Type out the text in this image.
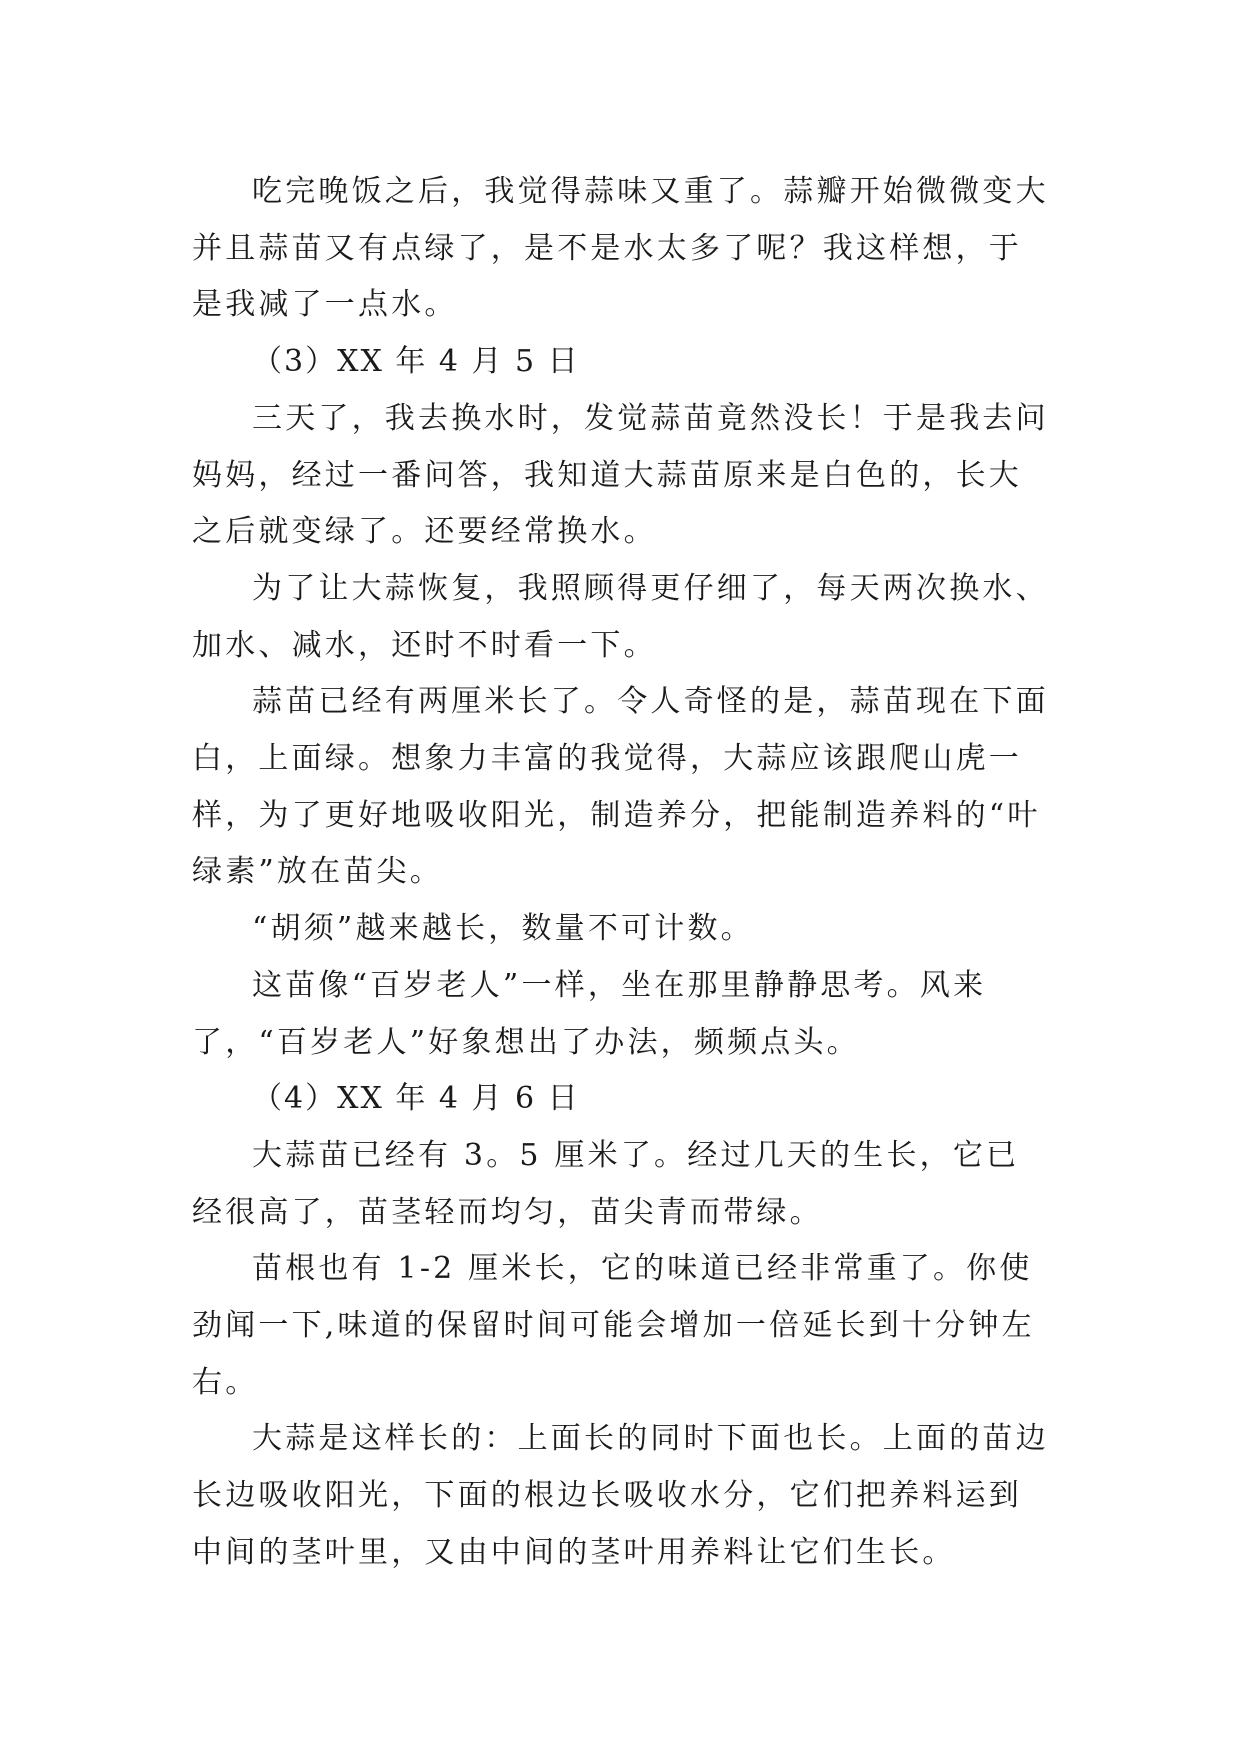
吃完晚饭之后，我觉得蒜味又重了。蒜瓣开始微微变大并且蒜苗又有点绿了，是不是水太多了呢？我这样想，于是我减了一点水。

（3）XX 年 4 月 5 日

三天了，我去换水时，发觉蒜苗竟然没长！于是我去问妈妈，经过一番问答，我知道大蒜苗原来是白色的，长大之后就变绿了。还要经常换水。

为了让大蒜恢复，我照顾得更仔细了，每天两次换水、加水、减水，还时不时看一下。

蒜苗已经有两厘米长了。令人奇怪的是，蒜苗现在下面白，上面绿。想象力丰富的我觉得，大蒜应该跟爬山虎一样，为了更好地吸收阳光，制造养分，把能制造养料的“叶绿素”放在苗尖。

“胡须”越来越长，数量不可计数。

这苗像“百岁老人”一样，坐在那里静静思考。风来了，“百岁老人”好象想出了办法，频频点头。

（4）XX 年 4 月 6 日

大蒜苗已经有 3。5 厘米了。经过几天的生长，它已经很高了，苗茎轻而均匀，苗尖青而带绿。

苗根也有 1-2 厘米长，它的味道已经非常重了。你使劲闻一下,味道的保留时间可能会增加一倍延长到十分钟左右。

大蒜是这样长的：上面长的同时下面也长。上面的苗边长边吸收阳光，下面的根边长吸收水分，它们把养料运到中间的茎叶里，又由中间的茎叶用养料让它们生长。
